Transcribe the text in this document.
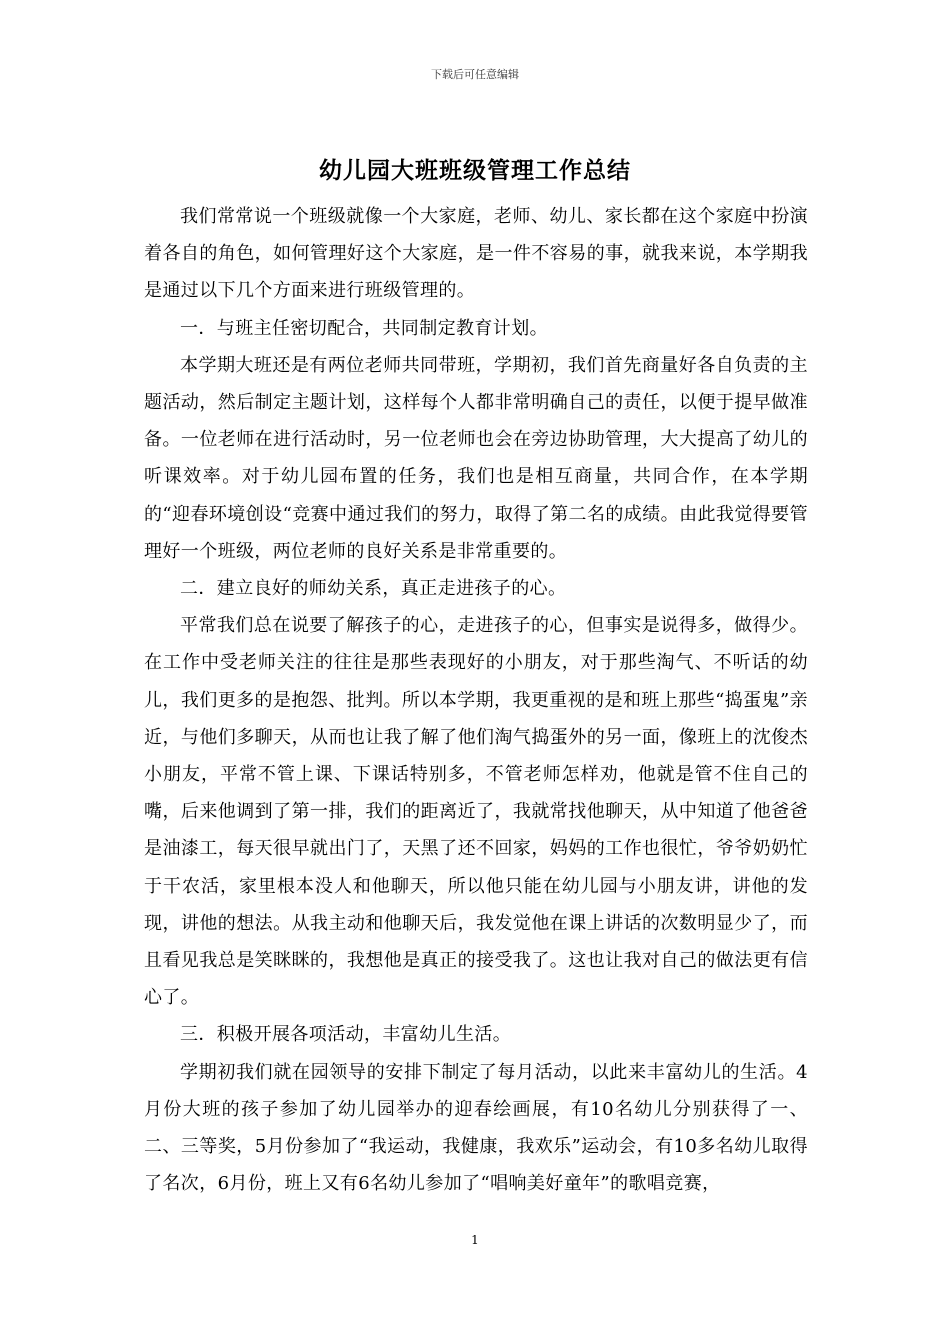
下载后可任意编辑
幼儿园大班班级管理工作总结

我们常常说一个班级就像一个大家庭，老师、幼儿、家长都在这个家庭中扮演着各自的角色，如何管理好这个大家庭，是一件不容易的事，就我来说，本学期我是通过以下几个方面来进行班级管理的。

一．与班主任密切配合，共同制定教育计划。

本学期大班还是有两位老师共同带班，学期初，我们首先商量好各自负责的主题活动，然后制定主题计划，这样每个人都非常明确自己的责任，以便于提早做准备。一位老师在进行活动时，另一位老师也会在旁边协助管理，大大提高了幼儿的听课效率。对于幼儿园布置的任务，我们也是相互商量，共同合作，在本学期的“迎春环境创设“竞赛中通过我们的努力，取得了第二名的成绩。由此我觉得要管理好一个班级，两位老师的良好关系是非常重要的。

二．建立良好的师幼关系，真正走进孩子的心。

平常我们总在说要了解孩子的心，走进孩子的心，但事实是说得多，做得少。在工作中受老师关注的往往是那些表现好的小朋友，对于那些淘气、不听话的幼儿，我们更多的是抱怨、批判。所以本学期，我更重视的是和班上那些“捣蛋鬼”亲近，与他们多聊天，从而也让我了解了他们淘气捣蛋外的另一面，像班上的沈俊杰小朋友，平常不管上课、下课话特别多，不管老师怎样劝，他就是管不住自己的嘴，后来他调到了第一排，我们的距离近了，我就常找他聊天，从中知道了他爸爸是油漆工，每天很早就出门了，天黑了还不回家，妈妈的工作也很忙，爷爷奶奶忙于干农活，家里根本没人和他聊天，所以他只能在幼儿园与小朋友讲，讲他的发现，讲他的想法。从我主动和他聊天后，我发觉他在课上讲话的次数明显少了，而且看见我总是笑眯眯的，我想他是真正的接受我了。这也让我对自己的做法更有信心了。

三．积极开展各项活动，丰富幼儿生活。

学期初我们就在园领导的安排下制定了每月活动，以此来丰富幼儿的生活。4月份大班的孩子参加了幼儿园举办的迎春绘画展，有10名幼儿分别获得了一、二、三等奖，5月份参加了“我运动，我健康，我欢乐”运动会，有10多名幼儿取得了名次，6月份，班上又有6名幼儿参加了“唱响美好童年”的歌唱竞赛，

1
